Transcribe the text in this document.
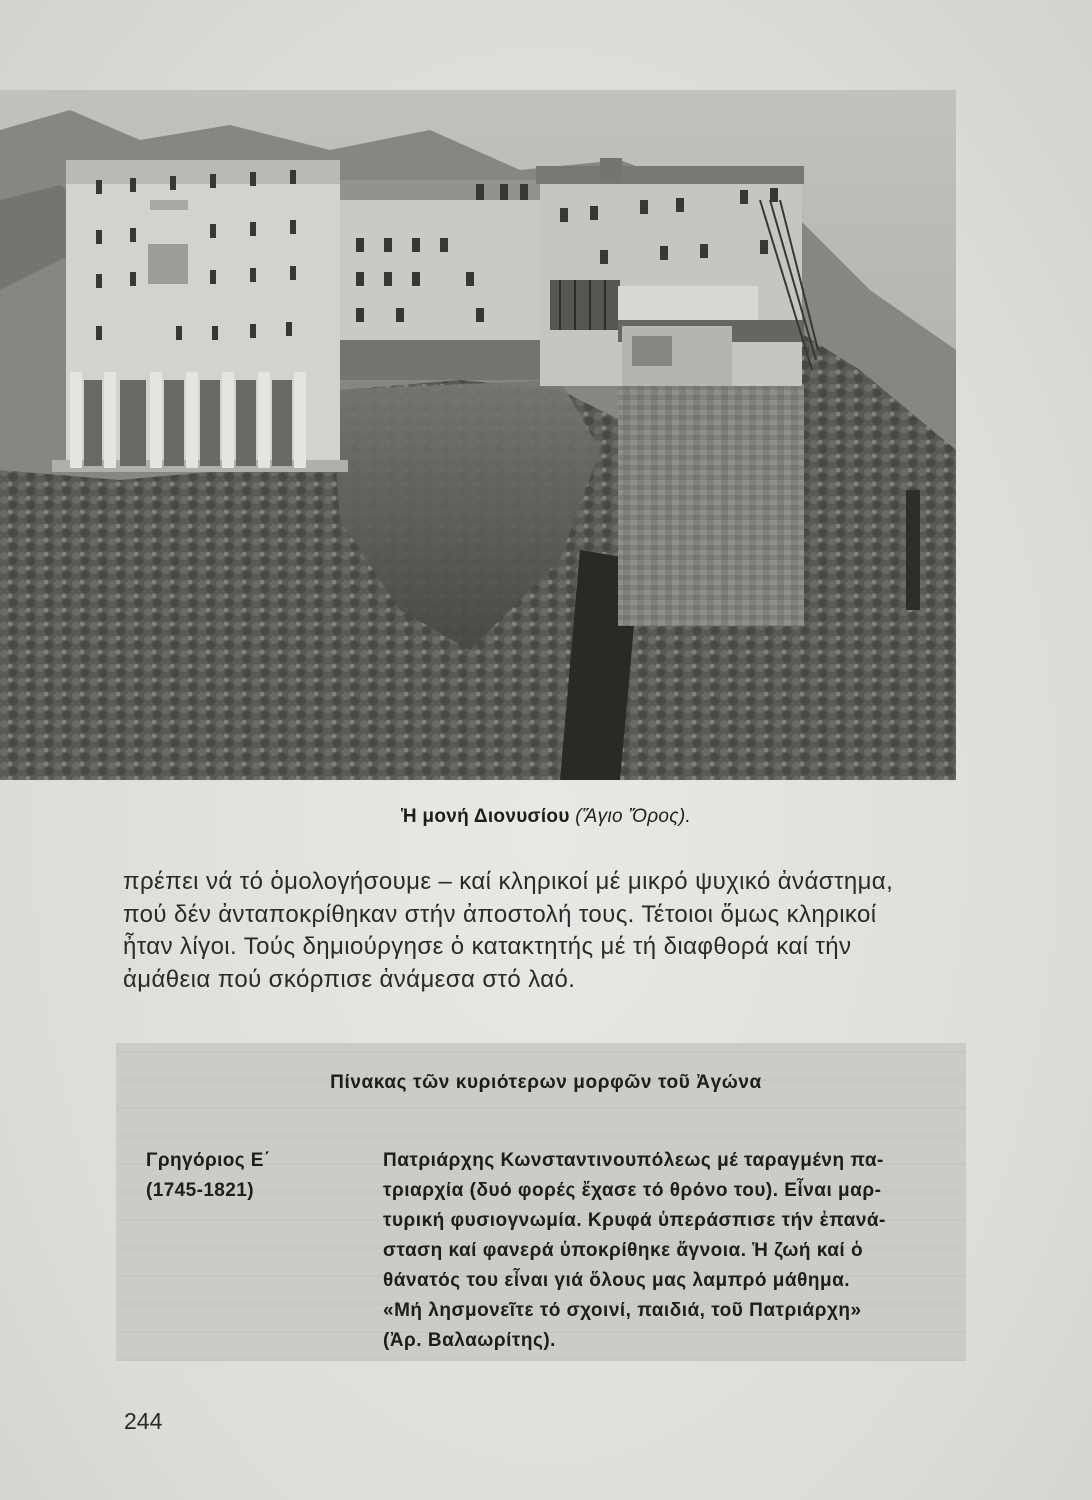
Ἡ μονή Διονυσίου (Ἅγιο Ὄρος).
πρέπει νά τό ὁμολογήσουμε – καί κληρικοί μέ μικρό ψυχικό ἀνάστημα,
πού δέν ἀνταποκρίθηκαν στήν ἀποστολή τους. Τέτοιοι ὅμως κληρικοί
ἦταν λίγοι. Τούς δημιούργησε ὁ κατακτητής μέ τή διαφθορά καί τήν
ἀμάθεια πού σκόρπισε ἀνάμεσα στό λαό.
Πίνακας τῶν κυριότερων μορφῶν τοῦ Ἀγώνα
Γρηγόριος Ε΄
(1745-1821)
Πατριάρχης Κωνσταντινουπόλεως μέ ταραγμένη πα-
τριαρχία (δυό φορές ἔχασε τό θρόνο του). Εἶναι μαρ-
τυρική φυσιογνωμία. Κρυφά ὑπεράσπισε τήν ἐπανά-
σταση καί φανερά ὑποκρίθηκε ἄγνοια. Ἡ ζωή καί ὁ
θάνατός του εἶναι γιά ὅλους μας λαμπρό μάθημα.
«Μή λησμονεῖτε τό σχοινί, παιδιά, τοῦ Πατριάρχη»
(Ἀρ. Βαλαωρίτης).
244
